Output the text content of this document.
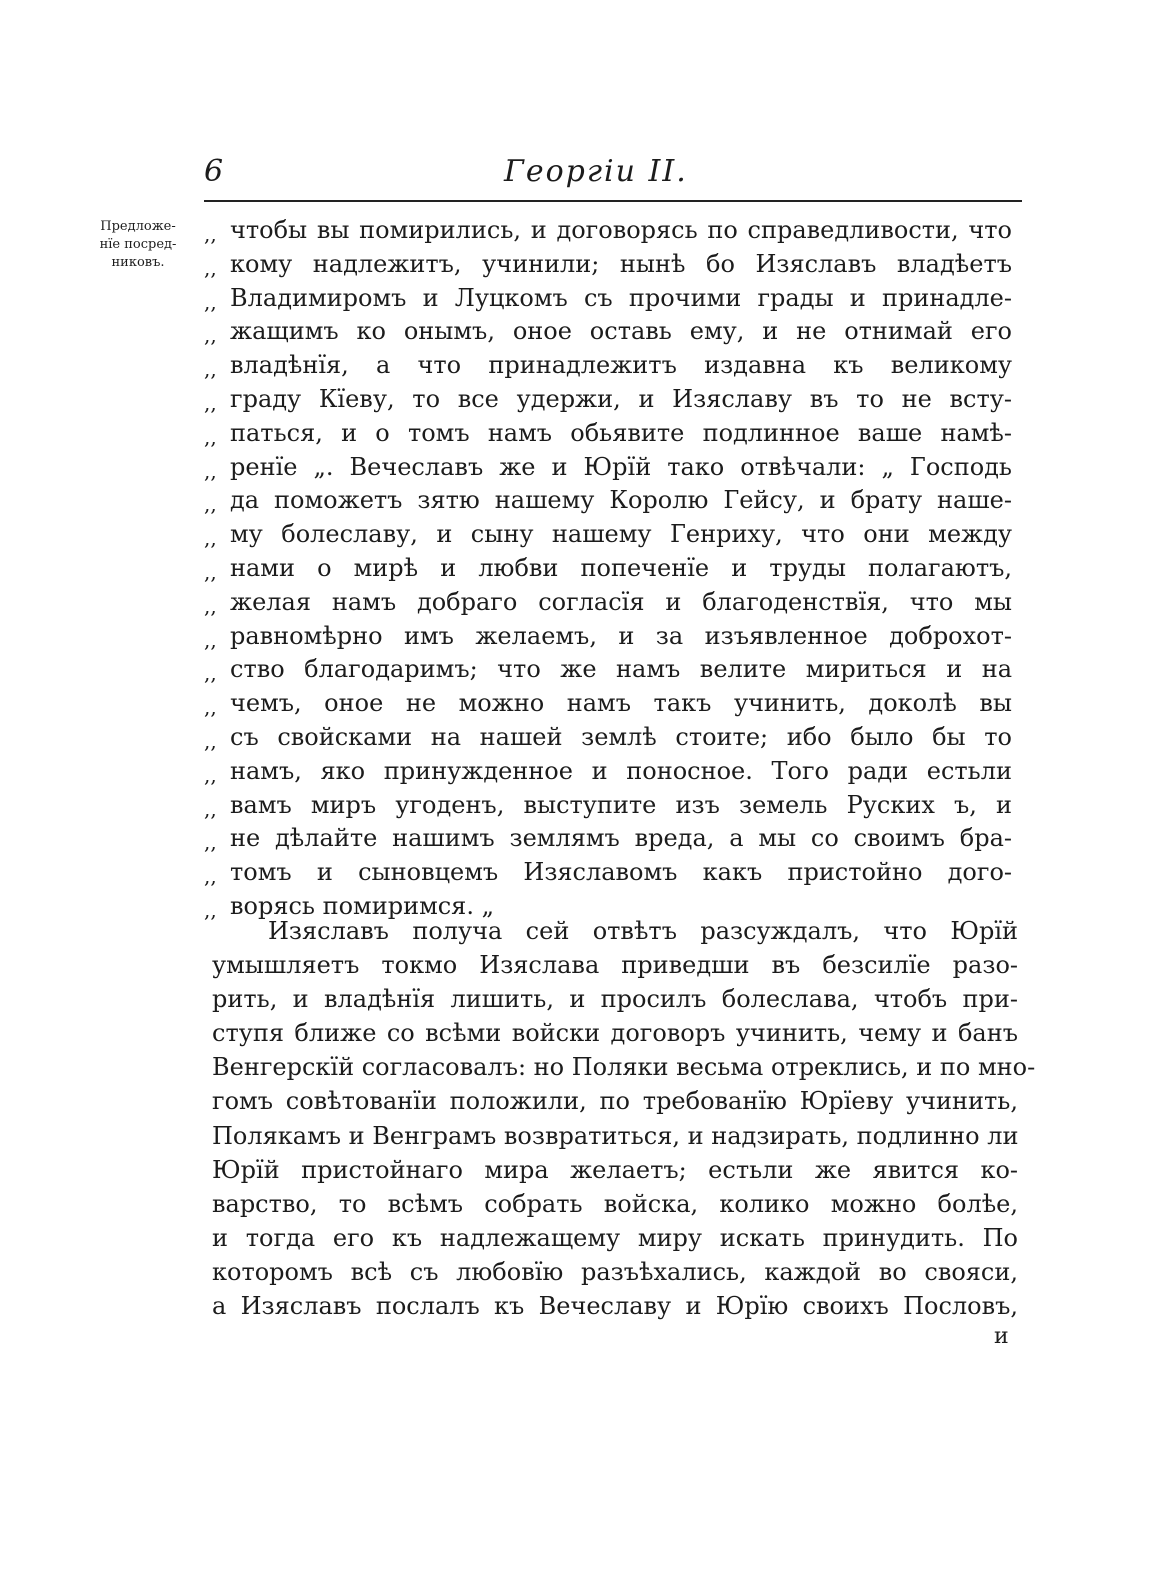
6	Георгiи II.
Предложе-
нїе посред-
никовъ.
,, чтобы вы помирились, и договорясь по справедливости, что
,, кому надлежитъ, учинили; нынѣ бо Изяславъ владѣетъ
,, Владимиромъ и Луцкомъ съ прочими грады и принадле-
,, жащимъ ко онымъ, оное оставь ему, и не отнимай его
,, владѣнїя, а что принадлежитъ издавна къ великому
,, граду Кїеву, то все удержи, и Изяславу въ то не всту-
,, паться, и о томъ намъ обьявите подлинное ваше намѣ-
,, ренїе „. Вечеславъ же и Юрїй тако отвѣчали: „ Господь
,, да поможетъ зятю нашему Королю Гейсу, и брату наше-
,, му болеславу, и сыну нашему Генриху, что они между
,, нами о мирѣ и любви попеченїе и труды полагаютъ,
,, желая намъ добраго согласїя и благоденствїя, что мы
,, равномѣрно имъ желаемъ, и за изъявленное доброхот-
,, ство благодаримъ; что же намъ велите мириться и на
,, чемъ, оное не можно намъ такъ учинить, доколѣ вы
,, съ свойсками на нашей землѣ стоите; ибо было бы то
,, намъ, яко принужденное и поносное. Того ради естьли
,, вамъ миръ угоденъ, выступите изъ земель Руских ъ, и
,, не дѣлайте нашимъ землямъ вреда, а мы со своимъ бра-
,, томъ и сыновцемъ Изяславомъ какъ пристойно дого-
,, ворясь помиримся. „
Изяславъ получа сей отвѣтъ разсуждалъ, что Юрїй
умышляетъ токмо Изяслава приведши въ безсилїе разо-
рить, и владѣнїя лишить, и просилъ болеслава, чтобъ при-
ступя ближе со всѣми войски договоръ учинить, чему и банъ
Венгерскїй согласовалъ: но Поляки весьма отреклись, и по мно-
гомъ совѣтованїи положили, по требованїю Юрїеву учинить,
Полякамъ и Венграмъ возвратиться, и надзирать, подлинно ли
Юрїй пристойнаго мира желаетъ; естьли же явится ко-
варство, то всѣмъ собрать войска, колико можно болѣе,
и тогда его къ надлежащему миру искать принудить. По
которомъ всѣ съ любовїю разъѣхались, каждой во свояси,
а Изяславъ послалъ къ Вечеславу и Юрїю своихъ Пословъ,
и
